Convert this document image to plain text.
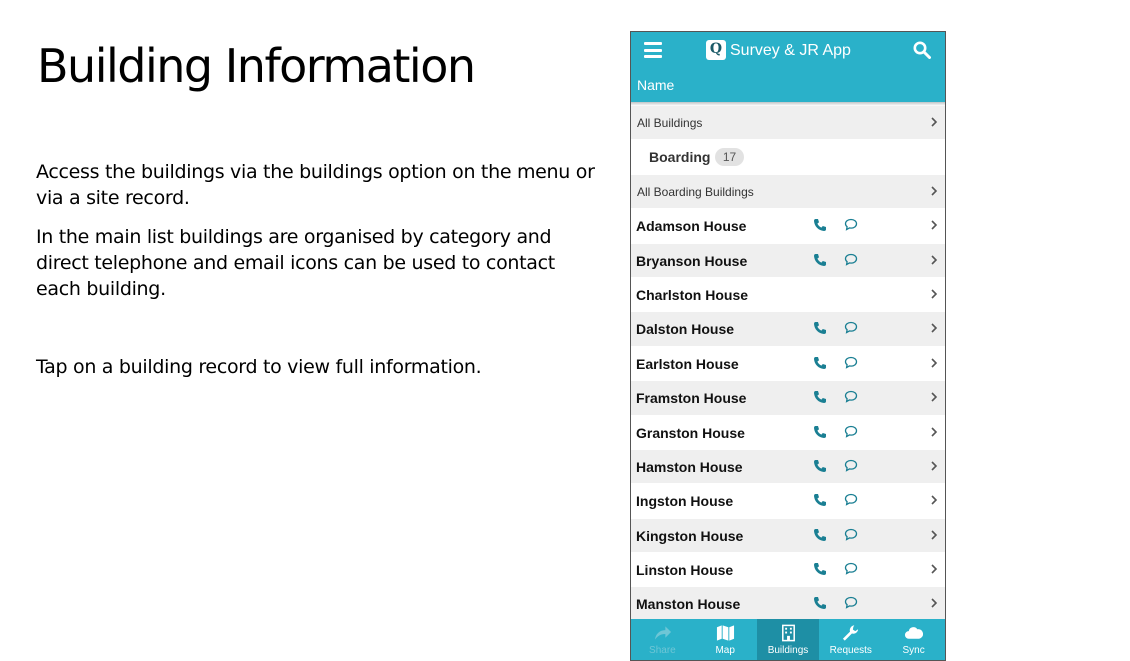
Building Information
Access the buildings via the buildings option on the menu or via a site record.
In the main list buildings are organised by category and direct telephone and email icons can be used to contact each building.
Tap on a building record to view full information.
Q Survey & JR App
Name
All Buildings
Boarding	17
All Boarding Buildings
Adamson House
Bryanson House
Charlston House
Dalston House
Earlston House
Framston House
Granston House
Hamston House
Ingston House
Kingston House
Linston House
Manston House
Share	Map	Buildings	Requests	Sync
